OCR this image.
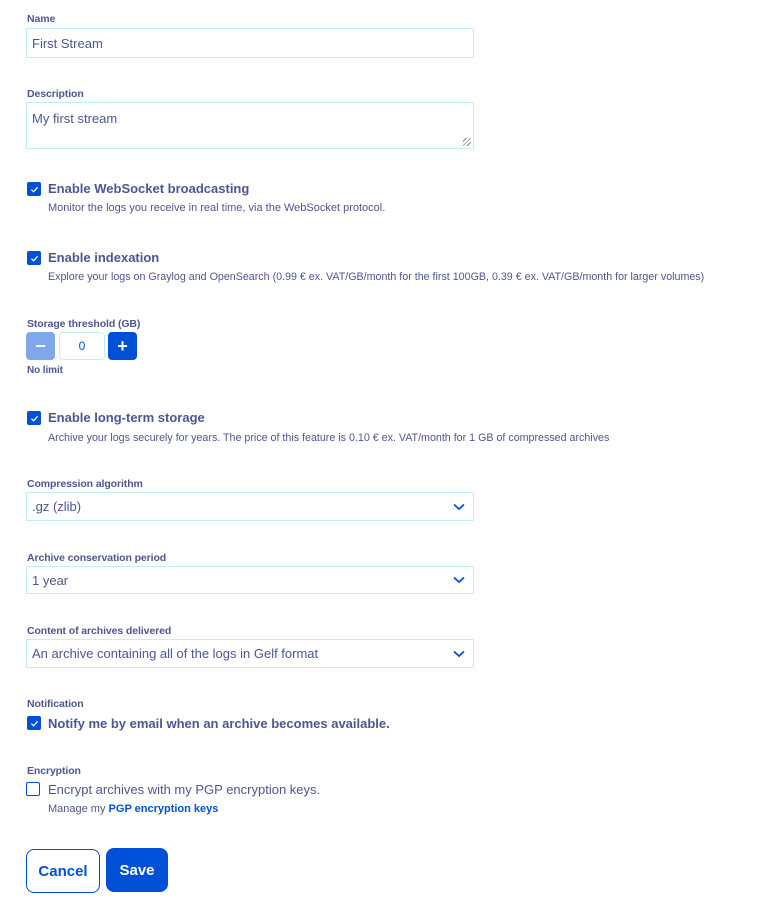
Name
First Stream
Description
My first stream
Enable WebSocket broadcasting
Monitor the logs you receive in real time, via the WebSocket protocol.
Enable indexation
Explore your logs on Graylog and OpenSearch (0.99 € ex. VAT/GB/month for the first 100GB, 0.39 € ex. VAT/GB/month for larger volumes)
Storage threshold (GB)
−	0 +
No limit
Enable long-term storage
Archive your logs securely for years. The price of this feature is 0.10 € ex. VAT/month for 1 GB of compressed archives
Compression algorithm
.gz (zlib)
Archive conservation period
1 year
Content of archives delivered
An archive containing all of the logs in Gelf format
Notification
Notify me by email when an archive becomes available.
Encryption
Encrypt archives with my PGP encryption keys.
Manage my PGP encryption keys
Cancel Save
